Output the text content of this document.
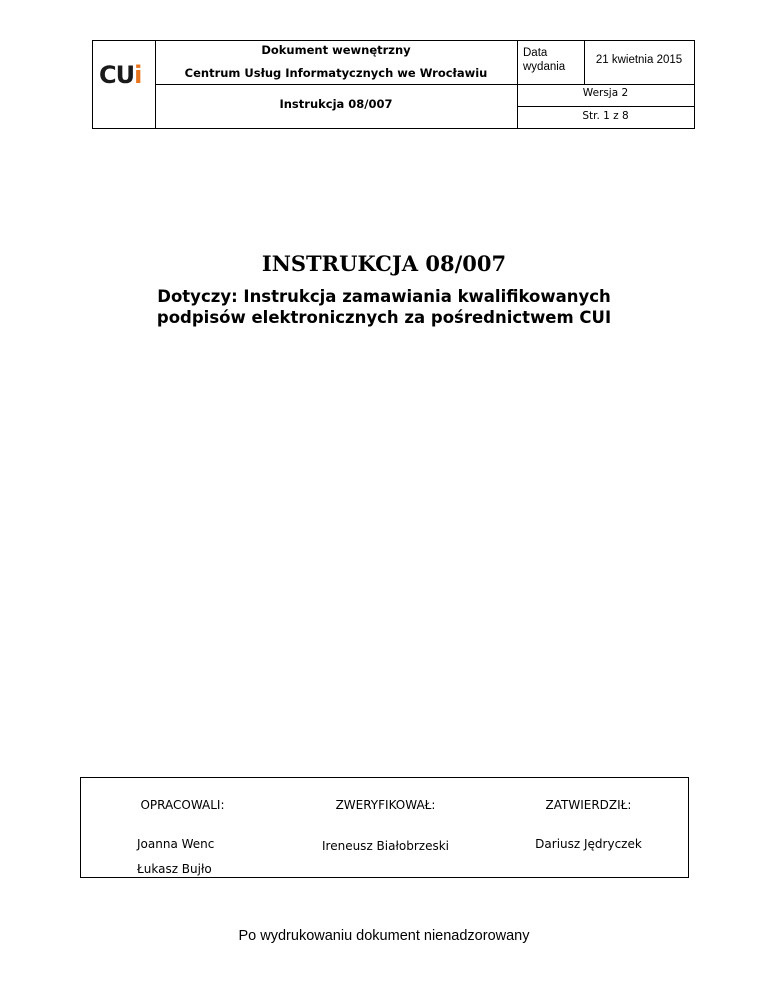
CUi
Dokument wewnętrzny
Centrum Usług Informatycznych we Wrocławiu
Instrukcja 08/007
Data wydania
21 kwietnia 2015
Wersja 2
Str. 1 z 8
INSTRUKCJA 08/007
Dotyczy: Instrukcja zamawiania kwalifikowanych
podpisów elektronicznych za pośrednictwem CUI
OPRACOWALI:
Joanna Wenc
Łukasz Bujło
ZWERYFIKOWAŁ:
Ireneusz Białobrzeski
ZATWIERDZIŁ:
Dariusz Jędryczek
Po wydrukowaniu dokument nienadzorowany
